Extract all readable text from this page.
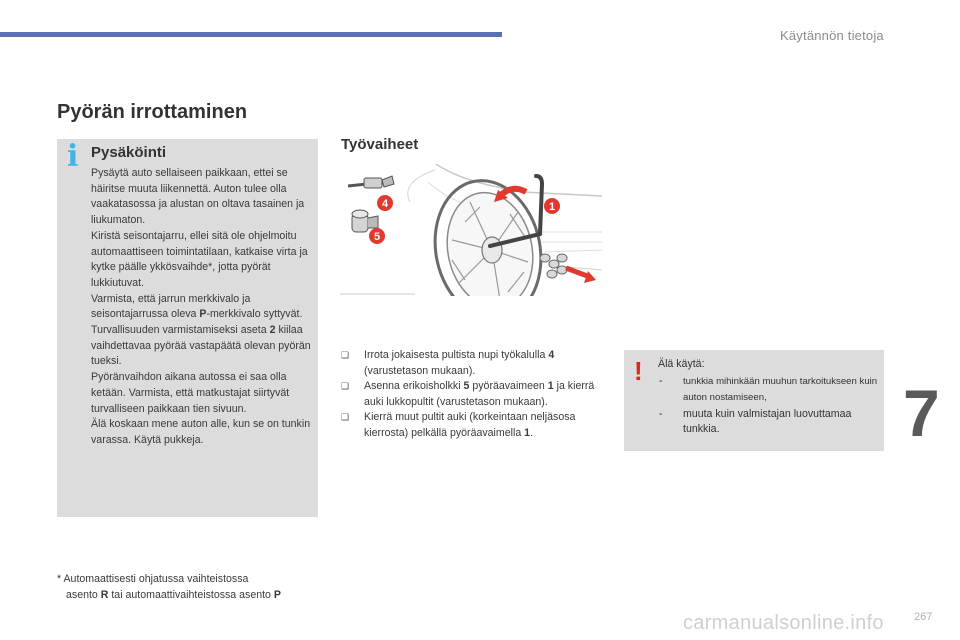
Käytännön tietoja
7
Pyörän irrottaminen
i Pysäköinti

Pysäytä auto sellaiseen paikkaan, ettei se häiritse muuta liikennettä. Auton tulee olla vaakatasossa ja alustan on oltava tasainen ja liukumaton.

Kiristä seisontajarru, ellei sitä ole ohjelmoitu automaattiseen toimintatilaan, katkaise virta ja kytke päälle ykkösvaihde*, jotta pyörät lukkiutuvat.

Varmista, että jarrun merkkivalo ja seisontajarrussa oleva P-merkkivalo syttyvät.

Turvallisuuden varmistamiseksi aseta 2 kiilaa vaihdettavaa pyörää vastapäätä olevan pyörän tueksi.

Pyöränvaihdon aikana autossa ei saa olla ketään. Varmista, että matkustajat siirtyvät turvalliseen paikkaan tien sivuun.

Älä koskaan mene auton alle, kun se on tunkin varassa. Käytä pukkeja.

Työvaiheet
4	1
5
❑ Irrota jokaisesta pultista nupi työkalulla 4 (varustetason mukaan).
❑ Asenna erikoisholkki 5 pyöräavaimeen 1 ja kierrä auki lukkopultit (varustetason mukaan).
❑ Kierrä muut pultit auki (korkeintaan neljäsosa kierrosta) pelkällä pyöräavaimella 1.
! Älä käytä:
- tunkkia mihinkään muuhun tarkoitukseen kuin auton nostamiseen,
- muuta kuin valmistajan luovuttamaa tunkkia.
* Automaattisesti ohjatussa vaihteistossa
asento R tai automaattivaihteistossa asento P
carmanualsonline.info	267
